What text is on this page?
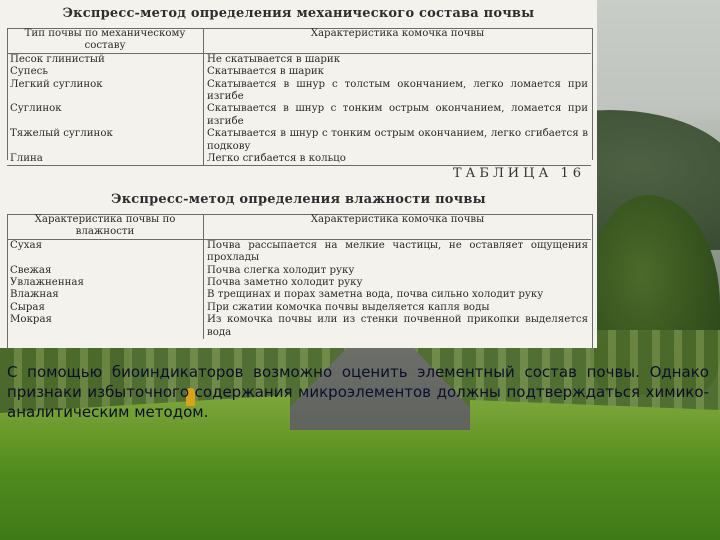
Экспресс-метод определения механического состава почвы
Тип почвы по механическому составу	Характеристика комочка почвы
Песок глинистый	Не скатывается в шарик
Супесь	Скатывается в шарик
Легкий суглинок	Скатывается в шнур с толстым окончанием, легко ломается при изгибе
Суглинок	Скатывается в шнур с тонким острым окончанием, ломается при изгибе
Тяжелый суглинок	Скатывается в шнур с тонким острым окончанием, легко сгибается в подкову
Глина	Легко сгибается в кольцо
ТАБЛИЦА 16
Экспресс-метод определения влажности почвы
Характеристика почвы по влажности	Характеристика комочка почвы
Сухая	Почва рассыпается на мелкие частицы, не оставляет ощущения прохлады
Свежая	Почва слегка холодит руку
Увлажненная	Почва заметно холодит руку
Влажная	В трещинах и порах заметна вода, почва сильно холодит руку
Сырая	При сжатии комочка почвы выделяется капля воды
Мокрая	Из комочка почвы или из стенки почвенной прикопки выделяется вода
С помощью биоиндикаторов возможно оценить элементный состав почвы. Однако признаки избыточного содержания микроэлементов должны подтверждаться химико-аналитическим методом.
